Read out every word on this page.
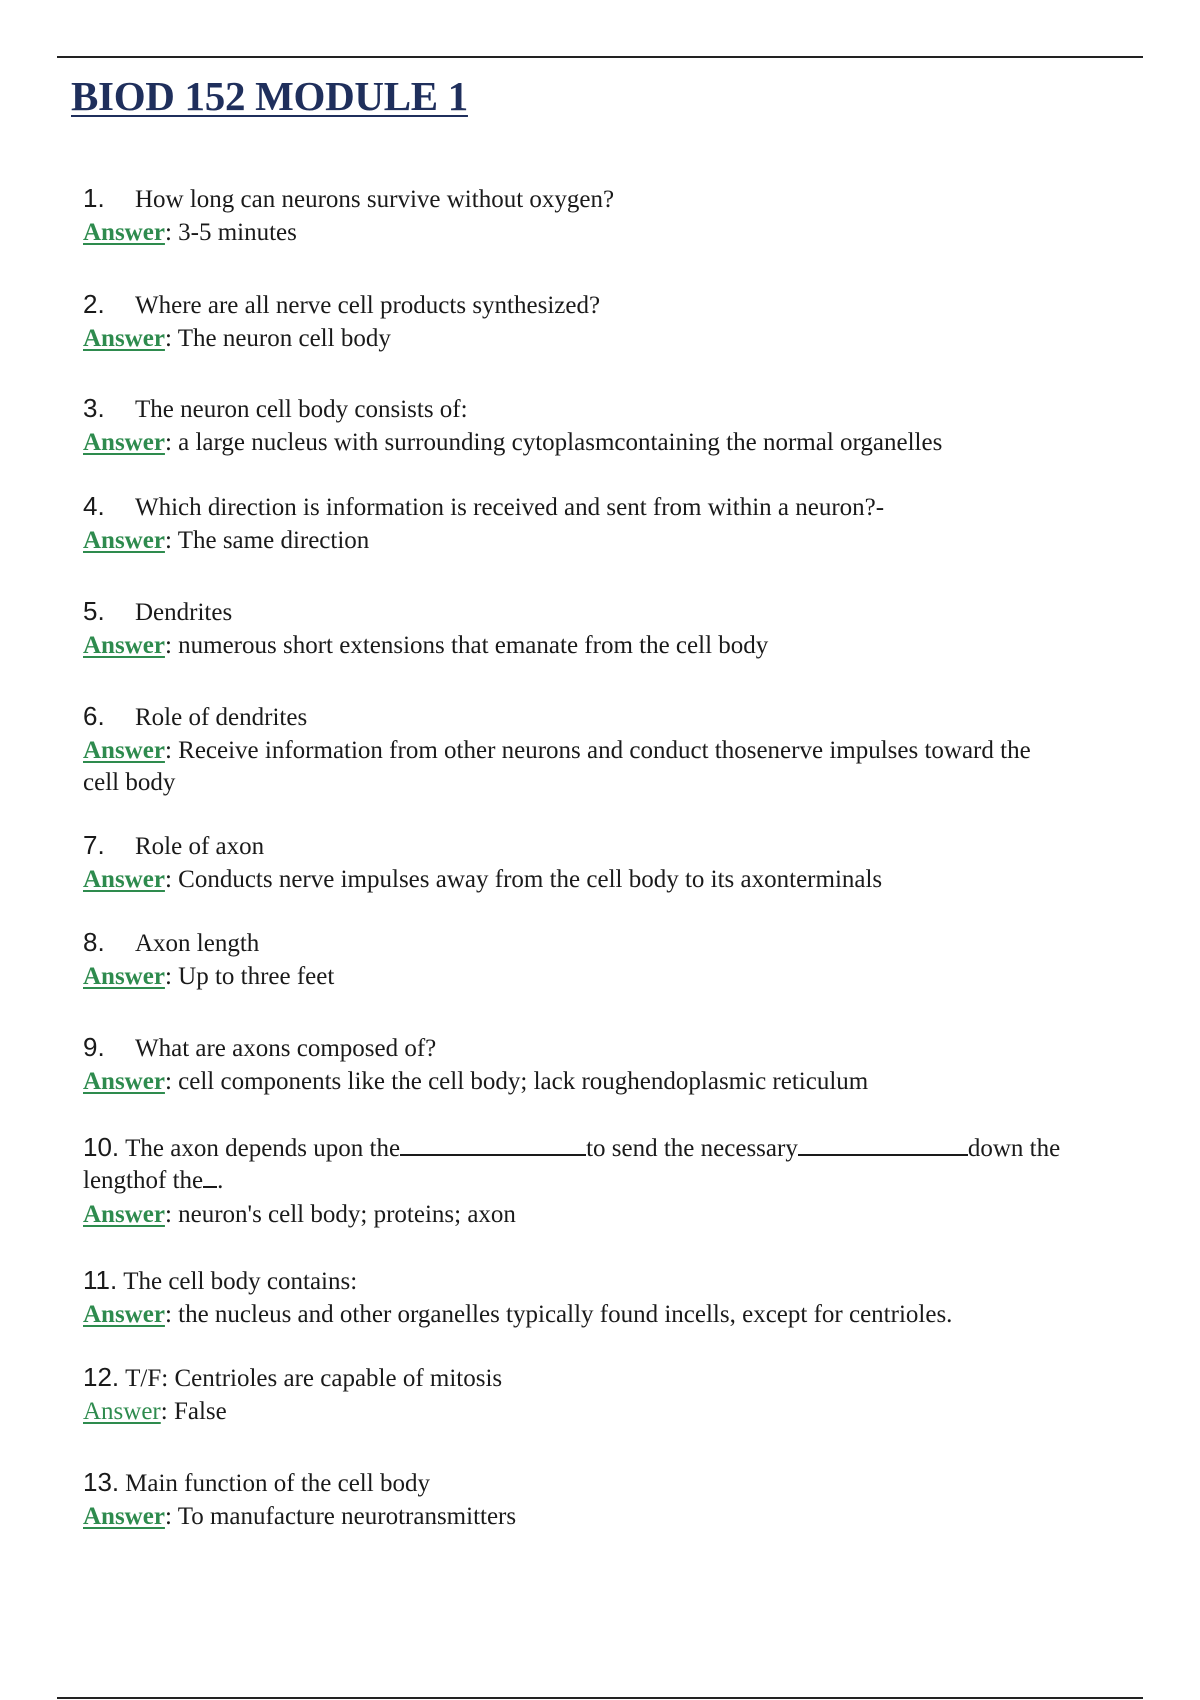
BIOD 152 MODULE 1
1. How long can neurons survive without oxygen?
Answer: 3-5 minutes
2. Where are all nerve cell products synthesized?
Answer: The neuron cell body
3. The neuron cell body consists of:
Answer: a large nucleus with surrounding cytoplasmcontaining the normal organelles
4. Which direction is information is received and sent from within a neuron?-
Answer: The same direction
5. Dendrites
Answer: numerous short extensions that emanate from the cell body
6. Role of dendrites
Answer: Receive information from other neurons and conduct thosenerve impulses toward the
cell body
7. Role of axon
Answer: Conducts nerve impulses away from the cell body to its axonterminals
8. Axon length
Answer: Up to three feet
9. What are axons composed of?
Answer: cell components like the cell body; lack roughendoplasmic reticulum
10. The axon depends upon the	to send the necessary	down the
lengthof the .
Answer: neuron's cell body; proteins; axon
11. The cell body contains:
Answer: the nucleus and other organelles typically found incells, except for centrioles.
12. T/F: Centrioles are capable of mitosis
Answer: False
13. Main function of the cell body
Answer: To manufacture neurotransmitters
